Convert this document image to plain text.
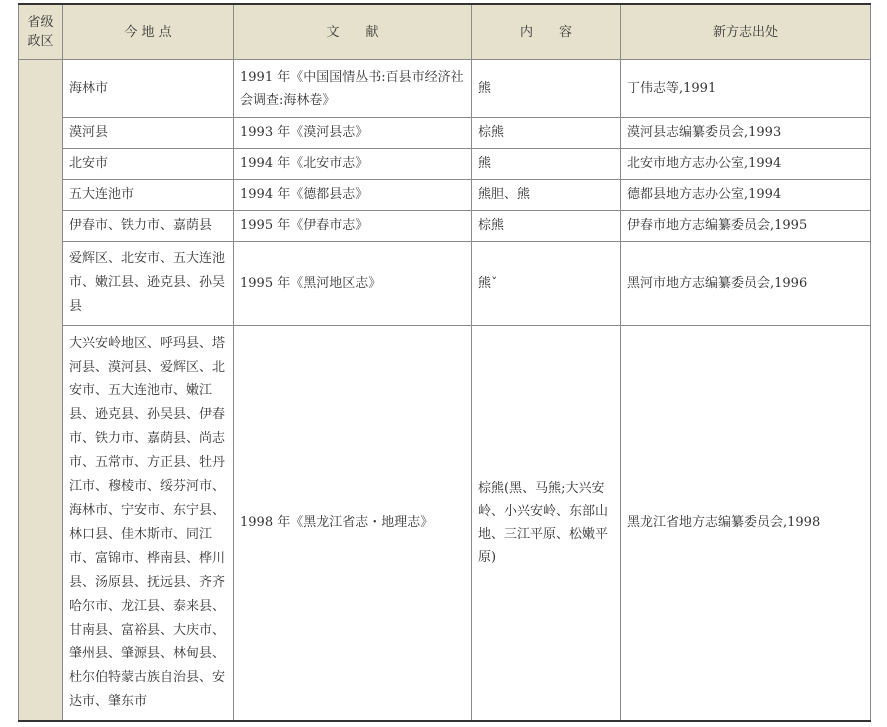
省级政区	今 地 点	文　　献	内　　容	新方志出处
	海林市	1991 年《中国国情丛书:百县市经济社会调查:海林卷》	熊	丁伟志等,1991
	漠河县	1993 年《漠河县志》	棕熊	漠河县志编纂委员会,1993
	北安市	1994 年《北安市志》	熊	北安市地方志办公室,1994
	五大连池市	1994 年《德都县志》	熊胆、熊	德都县地方志办公室,1994
	伊春市、铁力市、嘉荫县	1995 年《伊春市志》	棕熊	伊春市地方志编纂委员会,1995
	爱辉区、北安市、五大连池市、嫩江县、逊克县、孙吴县	1995 年《黑河地区志》	熊ˇ	黑河市地方志编纂委员会,1996
	大兴安岭地区、呼玛县、塔河县、漠河县、爱辉区、北安市、五大连池市、嫩江县、逊克县、孙吴县、伊春市、铁力市、嘉荫县、尚志市、五常市、方正县、牡丹江市、穆棱市、绥芬河市、海林市、宁安市、东宁县、林口县、佳木斯市、同江市、富锦市、桦南县、桦川县、汤原县、抚远县、齐齐哈尔市、龙江县、泰来县、甘南县、富裕县、大庆市、肇州县、肇源县、林甸县、杜尔伯特蒙古族自治县、安达市、肇东市	1998 年《黑龙江省志・地理志》	棕熊(黑、马熊;大兴安岭、小兴安岭、东部山地、三江平原、松嫩平原)	黑龙江省地方志编纂委员会,1998
